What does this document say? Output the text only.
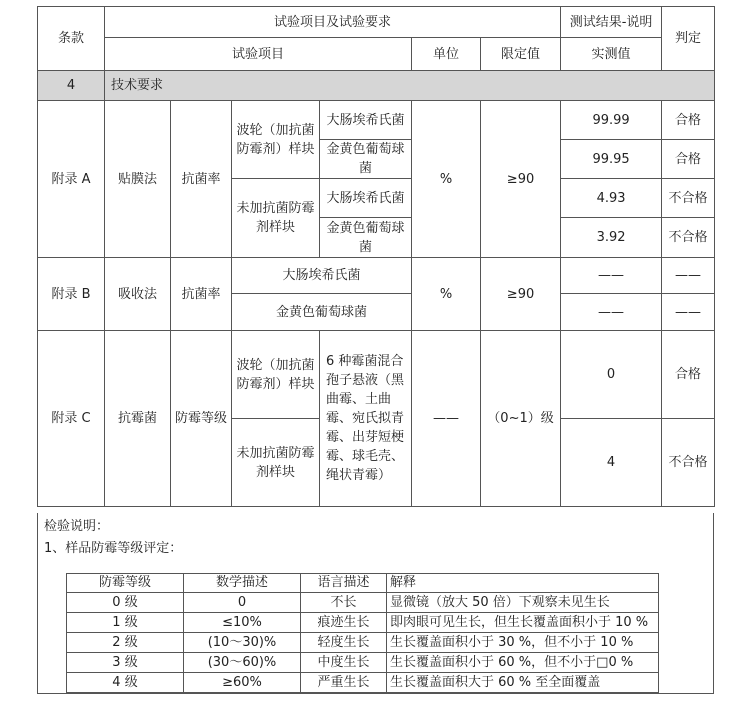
条款	试验项目及试验要求						测试结果-说明	判定
	试验项目				单位	限定值	实测值	
4	技术要求							
附录 A	贴膜法	抗菌率	波轮（加抗菌防霉剂）样块	大肠埃希氏菌	%	≥90	99.99	合格
				金黄色葡萄球菌			99.95	合格
			未加抗菌防霉剂样块	大肠埃希氏菌			4.93	不合格
				金黄色葡萄球菌			3.92	不合格
附录 B	吸收法	抗菌率	大肠埃希氏菌		%	≥90	——	——
			金黄色葡萄球菌				——	——
附录 C	抗霉菌	防霉等级	波轮（加抗菌防霉剂）样块	6 种霉菌混合孢子悬液（黑曲霉、土曲霉、宛氏拟青霉、出芽短梗霉、球毛壳、绳状青霉）	——	（0~1）级	0	合格
			未加抗菌防霉剂样块				4	不合格
检验说明：
1、样品防霉等级评定：
防霉等级	数学描述	语言描述	解释
0 级	0	不长	显微镜（放大 50 倍）下观察未见生长
1 级	≤10%	痕迹生长	即肉眼可见生长，但生长覆盖面积小于 10 %
2 级	(10～30)%	轻度生长	生长覆盖面积小于 30 %，但不小于 10 %
3 级	(30～60)%	中度生长	生长覆盖面积小于 60 %，但不小于□0 %
4 级	≥60%	严重生长	生长覆盖面积大于 60 % 至全面覆盖
